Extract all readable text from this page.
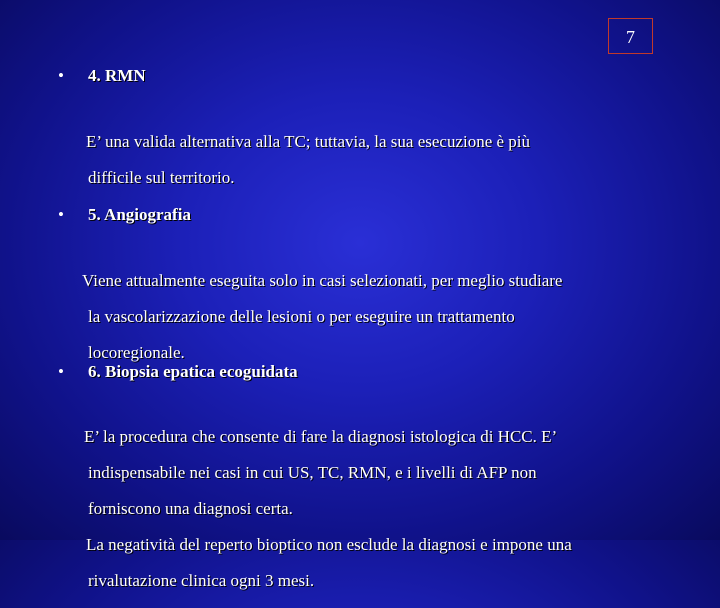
7
• 4. RMN

E’ una valida alternativa alla TC; tuttavia, la sua esecuzione è più

difficile sul territorio.

• 5. Angiografia

Viene attualmente eseguita solo in casi selezionati, per meglio studiare

la vascolarizzazione delle lesioni o per eseguire un trattamento

locoregionale.

• 6. Biopsia epatica ecoguidata

E’ la procedura che consente di fare la diagnosi istologica di HCC. E’

indispensabile nei casi in cui US, TC, RMN, e i livelli di AFP non

forniscono una diagnosi certa.

La negatività del reperto bioptico non esclude la diagnosi e impone una

rivalutazione clinica ogni 3 mesi.
